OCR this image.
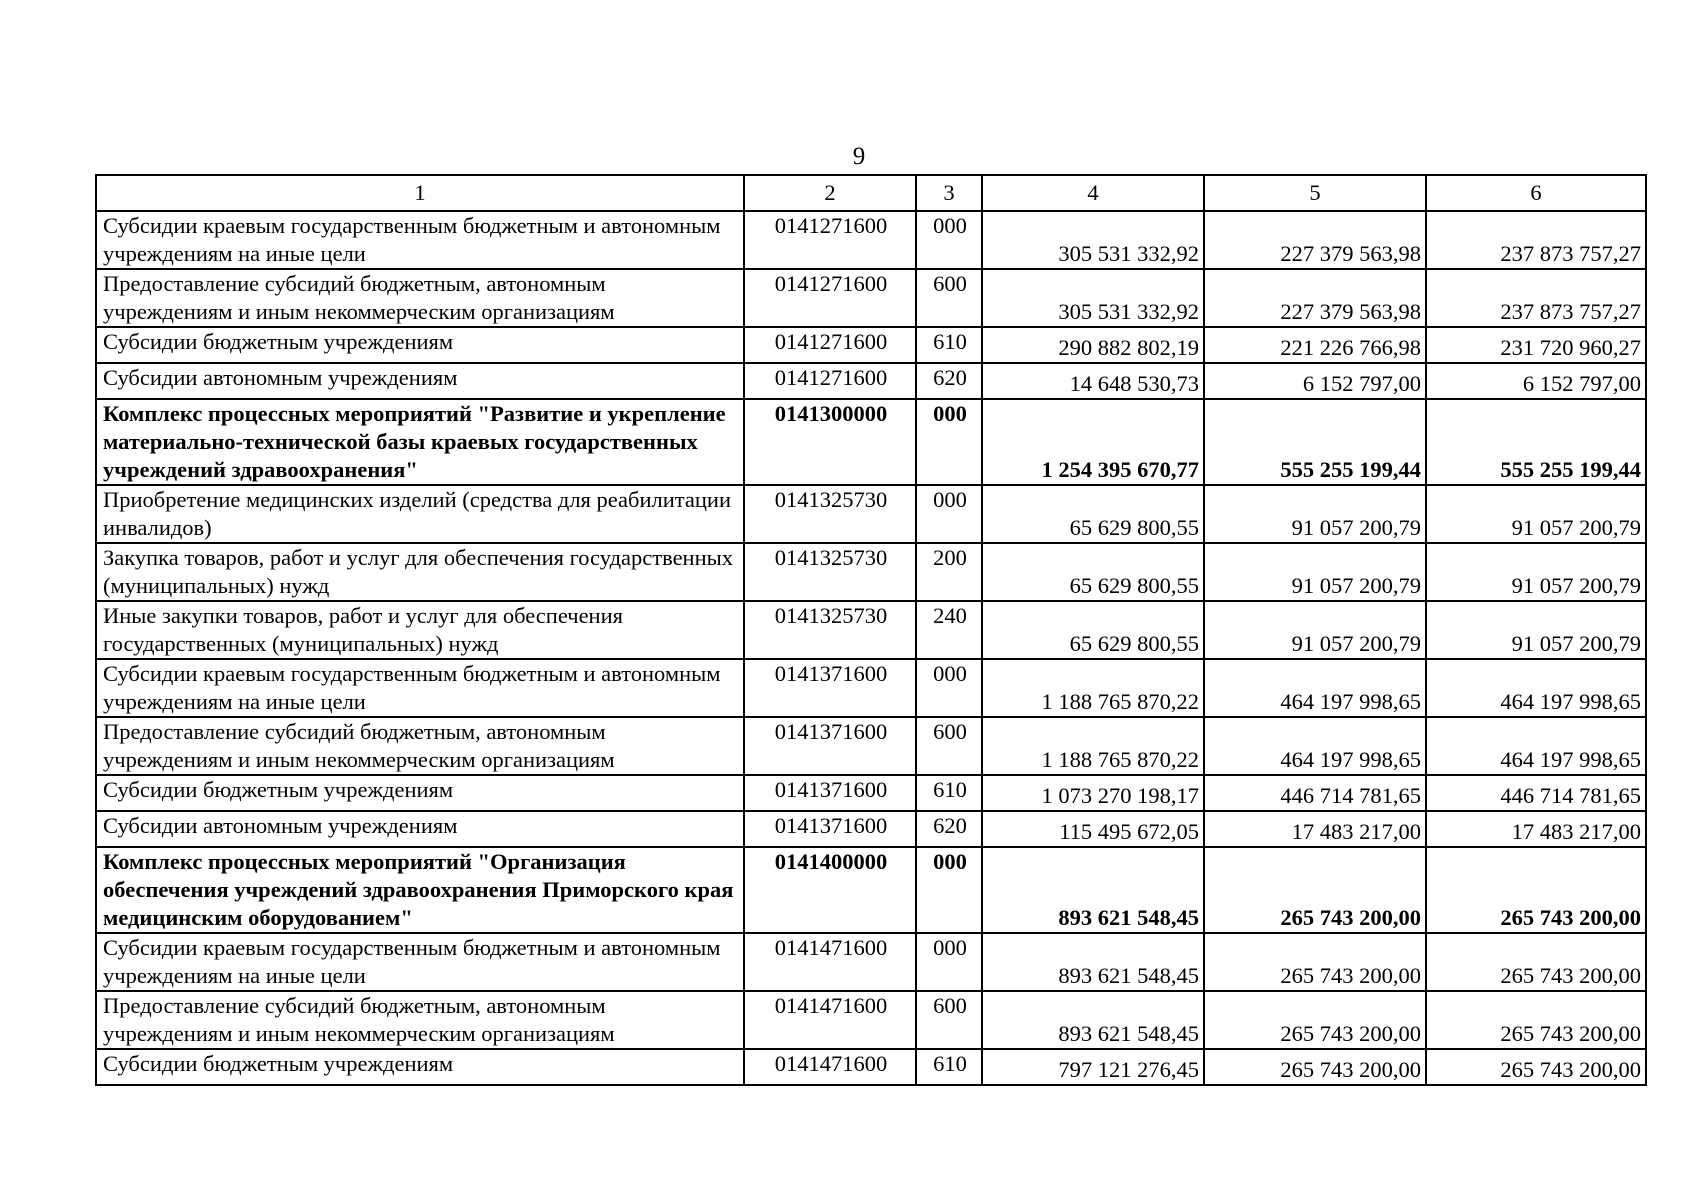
9
1	2	3	4	5	6
Субсидии краевым государственным бюджетным и автономным учреждениям на иные цели	0141271600	000	305 531 332,92	227 379 563,98	237 873 757,27
Предоставление субсидий бюджетным, автономным учреждениям и иным некоммерческим организациям	0141271600	600	305 531 332,92	227 379 563,98	237 873 757,27
Субсидии бюджетным учреждениям	0141271600	610	290 882 802,19	221 226 766,98	231 720 960,27
Субсидии автономным учреждениям	0141271600	620	14 648 530,73	6 152 797,00	6 152 797,00
Комплекс процессных мероприятий "Развитие и укрепление материально-технической базы краевых государственных учреждений здравоохранения"	0141300000	000	1 254 395 670,77	555 255 199,44	555 255 199,44
Приобретение медицинских изделий (средства для реабилитации инвалидов)	0141325730	000	65 629 800,55	91 057 200,79	91 057 200,79
Закупка товаров, работ и услуг для обеспечения государственных (муниципальных) нужд	0141325730	200	65 629 800,55	91 057 200,79	91 057 200,79
Иные закупки товаров, работ и услуг для обеспечения государственных (муниципальных) нужд	0141325730	240	65 629 800,55	91 057 200,79	91 057 200,79
Субсидии краевым государственным бюджетным и автономным учреждениям на иные цели	0141371600	000	1 188 765 870,22	464 197 998,65	464 197 998,65
Предоставление субсидий бюджетным, автономным учреждениям и иным некоммерческим организациям	0141371600	600	1 188 765 870,22	464 197 998,65	464 197 998,65
Субсидии бюджетным учреждениям	0141371600	610	1 073 270 198,17	446 714 781,65	446 714 781,65
Субсидии автономным учреждениям	0141371600	620	115 495 672,05	17 483 217,00	17 483 217,00
Комплекс процессных мероприятий "Организация обеспечения учреждений здравоохранения Приморского края медицинским оборудованием"	0141400000	000	893 621 548,45	265 743 200,00	265 743 200,00
Субсидии краевым государственным бюджетным и автономным учреждениям на иные цели	0141471600	000	893 621 548,45	265 743 200,00	265 743 200,00
Предоставление субсидий бюджетным, автономным учреждениям и иным некоммерческим организациям	0141471600	600	893 621 548,45	265 743 200,00	265 743 200,00
Субсидии бюджетным учреждениям	0141471600	610	797 121 276,45	265 743 200,00	265 743 200,00
